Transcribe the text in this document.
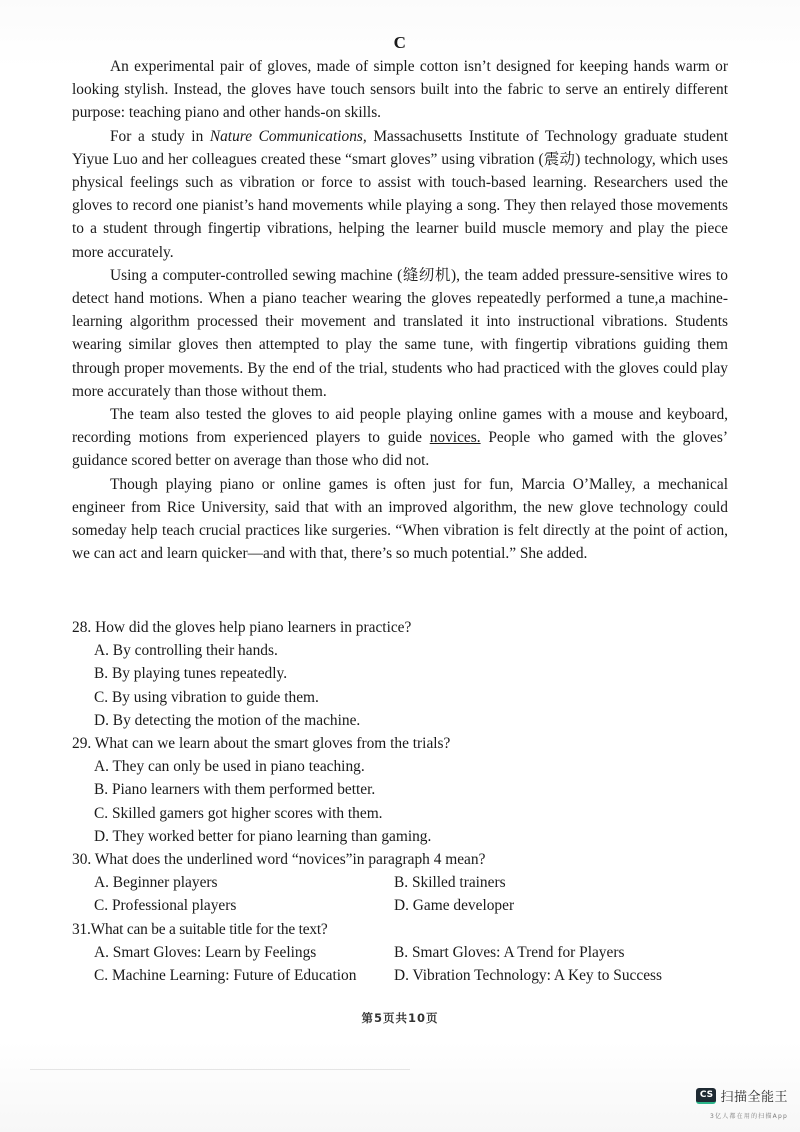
C

An experimental pair of gloves, made of simple cotton isn’t designed for keeping hands warm or looking stylish. Instead, the gloves have touch sensors built into the fabric to serve an entirely different purpose: teaching piano and other hands-on skills.

For a study in Nature Communications, Massachusetts Institute of Technology graduate student Yiyue Luo and her colleagues created these “smart gloves” using vibration (震动) technology, which uses physical feelings such as vibration or force to assist with touch-based learning. Researchers used the gloves to record one pianist’s hand movements while playing a song. They then relayed those movements to a student through fingertip vibrations, helping the learner build muscle memory and play the piece more accurately.

Using a computer-controlled sewing machine (缝纫机), the team added pressure-sensitive wires to detect hand motions. When a piano teacher wearing the gloves repeatedly performed a tune,a machine-learning algorithm processed their movement and translated it into instructional vibrations. Students wearing similar gloves then attempted to play the same tune, with fingertip vibrations guiding them through proper movements. By the end of the trial, students who had practiced with the gloves could play more accurately than those without them.

The team also tested the gloves to aid people playing online games with a mouse and keyboard, recording motions from experienced players to guide novices. People who gamed with the gloves’ guidance scored better on average than those who did not.

Though playing piano or online games is often just for fun, Marcia O’Malley, a mechanical engineer from Rice University, said that with an improved algorithm, the new glove technology could someday help teach crucial practices like surgeries. “When vibration is felt directly at the point of action, we can act and learn quicker—and with that, there’s so much potential.” She added.

28. How did the gloves help piano learners in practice?

A. By controlling their hands.

B. By playing tunes repeatedly.

C. By using vibration to guide them.

D. By detecting the motion of the machine.

29. What can we learn about the smart gloves from the trials?

A. They can only be used in piano teaching.

B. Piano learners with them performed better.

C. Skilled gamers got higher scores with them.

D. They worked better for piano learning than gaming.

30. What does the underlined word “novices”in paragraph 4 mean?

A. Beginner players	B. Skilled trainers

C. Professional players	D. Game developer

31.What can be a suitable title for the text?

A. Smart Gloves: Learn by Feelings	B. Smart Gloves: A Trend for Players

C. Machine Learning: Future of Education	D. Vibration Technology: A Key to Success

第5页共10页
CS 扫描全能王
3亿人都在用的扫描App
